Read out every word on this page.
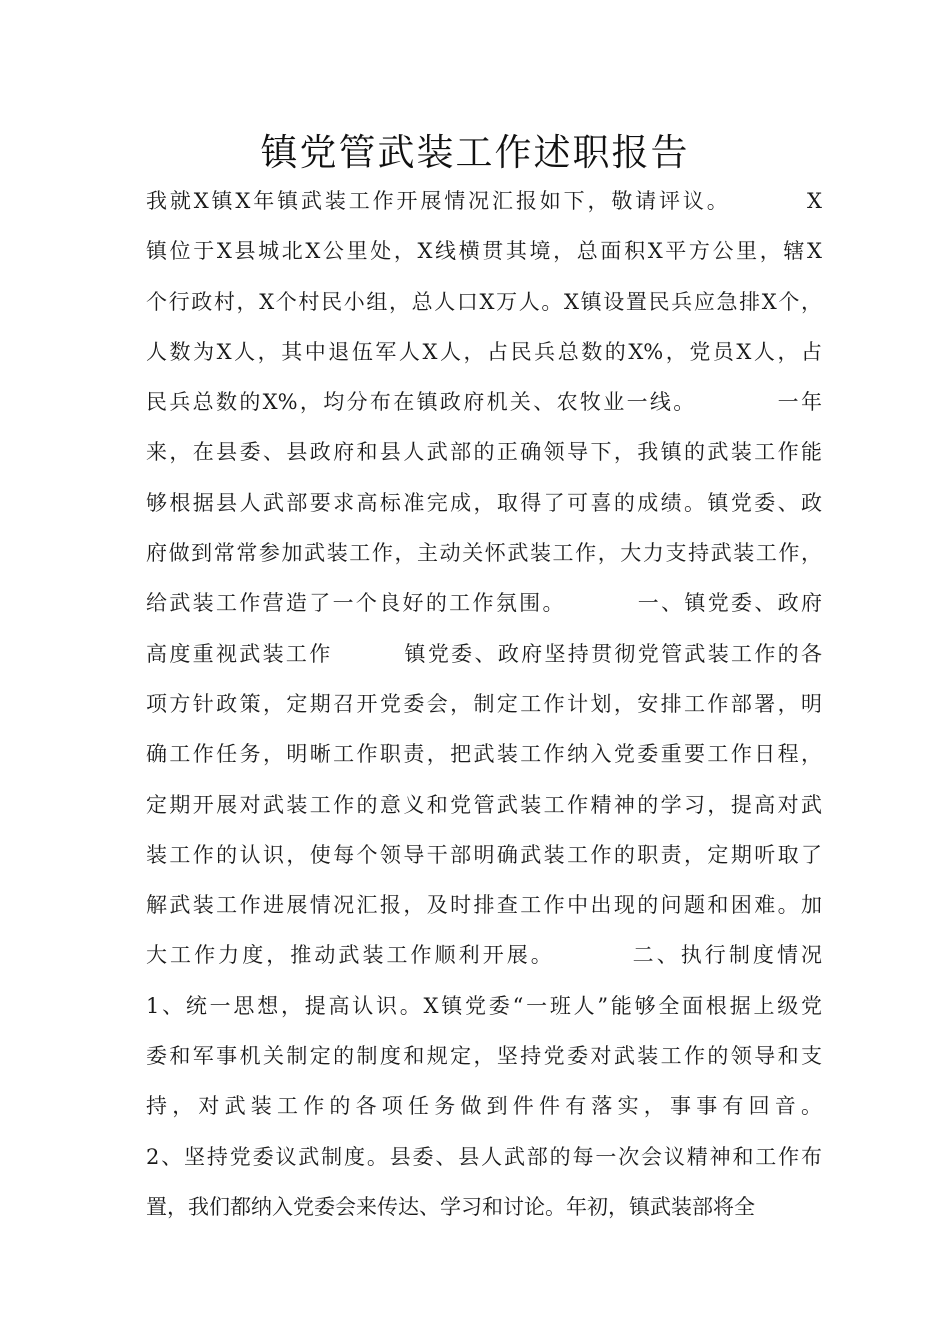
镇党管武装工作述职报告
我就X镇X年镇武装工作开展情况汇报如下，敬请评议。        X
镇位于X县城北X公里处，X线横贯其境，总面积X平方公里，辖X
个行政村，X个村民小组，总人口X万人。X镇设置民兵应急排X个，
人数为X人，其中退伍军人X人，占民兵总数的X%，党员X人，占
民兵总数的X%，均分布在镇政府机关、农牧业一线。         一年
来，在县委、县政府和县人武部的正确领导下，我镇的武装工作能
够根据县人武部要求高标准完成，取得了可喜的成绩。镇党委、政
府做到常常参加武装工作，主动关怀武装工作，大力支持武装工作，
给武装工作营造了一个良好的工作氛围。        一、镇党委、政府
高度重视武装工作        镇党委、政府坚持贯彻党管武装工作的各
项方针政策，定期召开党委会，制定工作计划，安排工作部署，明
确工作任务，明晰工作职责，把武装工作纳入党委重要工作日程，
定期开展对武装工作的意义和党管武装工作精神的学习，提高对武
装工作的认识，使每个领导干部明确武装工作的职责，定期听取了
解武装工作进展情况汇报，及时排查工作中出现的问题和困难。加
大工作力度，推动武装工作顺利开展。        二、执行制度情况
1、统一思想，提高认识。X镇党委“一班人”能够全面根据上级党
委和军事机关制定的制度和规定，坚持党委对武装工作的领导和支
持，对武装工作的各项任务做到件件有落实，事事有回音。
2、坚持党委议武制度。县委、县人武部的每一次会议精神和工作布
置，我们都纳入党委会来传达、学习和讨论。年初，镇武装部将全
